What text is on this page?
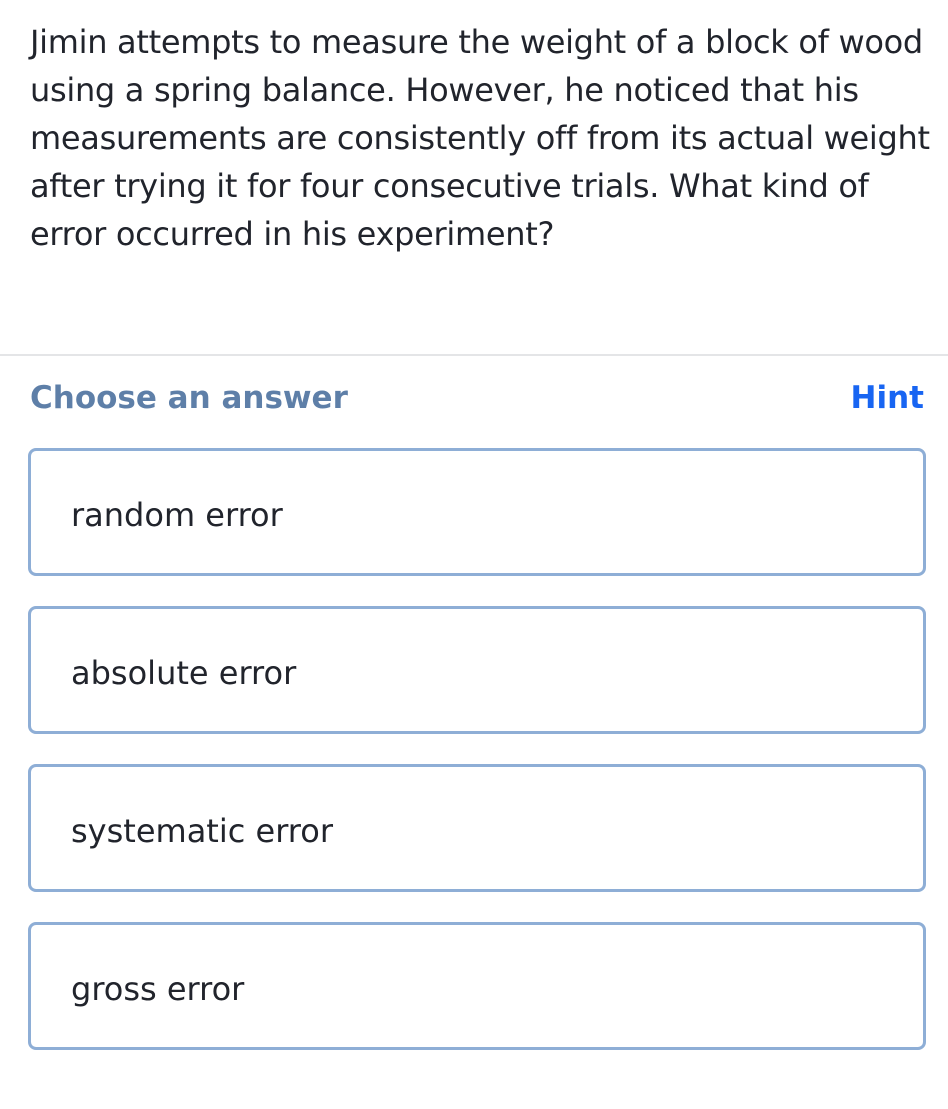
Jimin attempts to measure the weight of a block of wood using a spring balance. However, he noticed that his measurements are consistently off from its actual weight after trying it for four consecutive trials. What kind of error occurred in his experiment?

Choose an answer	Hint
random error
absolute error
systematic error
gross error
